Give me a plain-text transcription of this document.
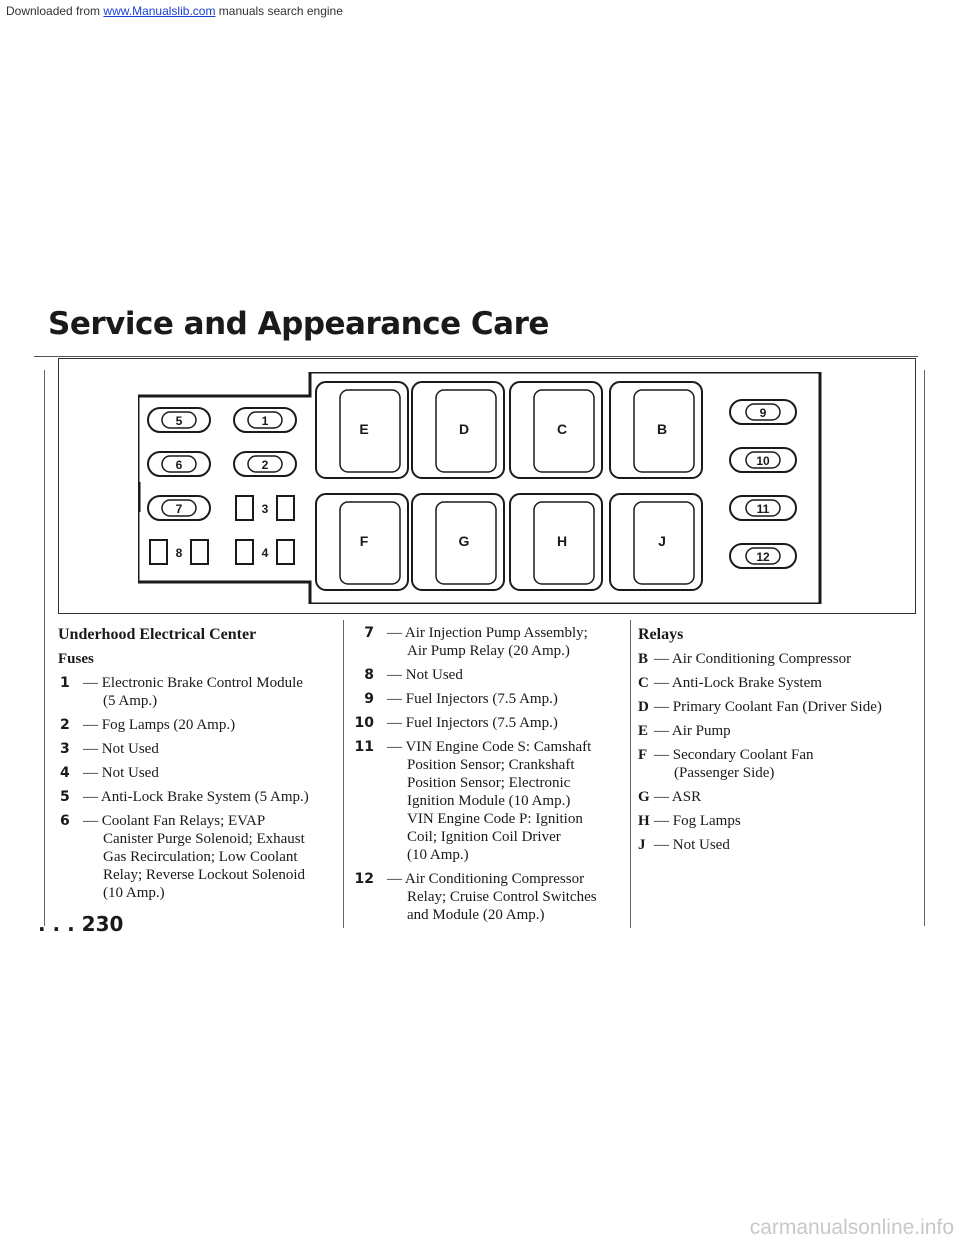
Downloaded from www.Manualslib.com manuals search engine
Service and Appearance Care
5	1
6	2
7	3
8	4
E	D	C	B
F	G	H	J
9
10
11
12
Underhood Electrical Center
Fuses
1 — Electronic Brake Control Module

(5 Amp.)
2 — Fog Lamps (20 Amp.)

3 — Not Used

4 — Not Used

5 — Anti-Lock Brake System (5 Amp.)

6 — Coolant Fan Relays; EVAP

Canister Purge Solenoid; Exhaust
Gas Recirculation; Low Coolant
Relay; Reverse Lockout Solenoid
(10 Amp.)
7 — Air Injection Pump Assembly;

Air Pump Relay (20 Amp.)
8 — Not Used

9 — Fuel Injectors (7.5 Amp.)

10 — Fuel Injectors (7.5 Amp.)

11 — VIN Engine Code S: Camshaft

Position Sensor; Crankshaft
Position Sensor; Electronic
Ignition Module (10 Amp.)
VIN Engine Code P: Ignition
Coil; Ignition Coil Driver
(10 Amp.)
12 — Air Conditioning Compressor

Relay; Cruise Control Switches
and Module (20 Amp.)
Relays
B — Air Conditioning Compressor

C — Anti-Lock Brake System

D — Primary Coolant Fan (Driver Side)

E — Air Pump

F — Secondary Coolant Fan

(Passenger Side)
G — ASR

H — Fog Lamps

J — Not Used

. . . 230

carmanualsonline.info
